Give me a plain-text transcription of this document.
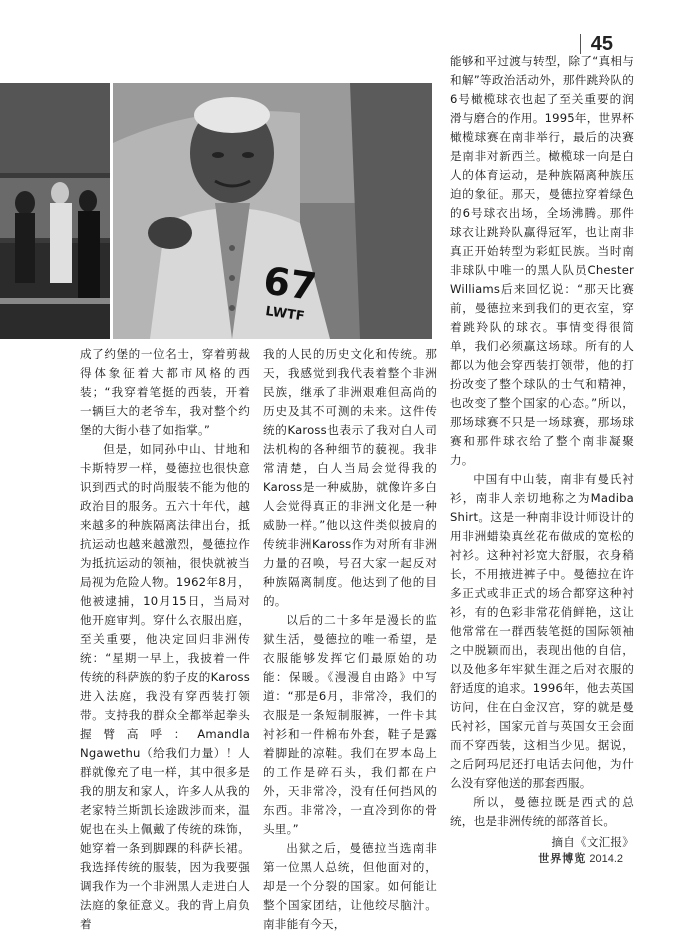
45
67
LWTF

成了约堡的一位名士，穿着剪裁得体象征着大都市风格的西装；“我穿着笔挺的西装，开着一辆巨大的老爷车，我对整个约堡的大街小巷了如指掌。”

但是，如同孙中山、甘地和卡斯特罗一样，曼德拉也很快意识到西式的时尚服装不能为他的政治目的服务。五六十年代，越来越多的种族隔离法律出台，抵抗运动也越来越激烈，曼德拉作为抵抗运动的领袖，很快就被当局视为危险人物。1962年8月，他被逮捕，10月15日，当局对他开庭审判。穿什么衣服出庭，至关重要，他决定回归非洲传统：“星期一早上，我披着一件传统的科萨族的豹子皮的Kaross进入法庭，我没有穿西装打领带。支持我的群众全都举起拳头握臂高呼：Amandla Ngawethu（给我们力量）！人群就像充了电一样，其中很多是我的朋友和家人，许多人从我的老家特兰斯凯长途跋涉而来，温妮也在头上佩戴了传统的珠饰，她穿着一条到脚踝的科萨长裙。我选择传统的服装，因为我要强调我作为一个非洲黑人走进白人法庭的象征意义。我的背上肩负着

我的人民的历史文化和传统。那天，我感觉到我代表着整个非洲民族，继承了非洲艰难但高尚的历史及其不可测的未来。这件传统的Kaross也表示了我对白人司法机构的各种细节的藐视。我非常清楚，白人当局会觉得我的Kaross是一种威胁，就像许多白人会觉得真正的非洲文化是一种威胁一样。”他以这件类似披肩的传统非洲Kaross作为对所有非洲力量的召唤，号召大家一起反对种族隔离制度。他达到了他的目的。

以后的二十多年是漫长的监狱生活，曼德拉的唯一希望，是衣服能够发挥它们最原始的功能：保暖。《漫漫自由路》中写道：“那是6月，非常冷，我们的衣服是一条短制服裤，一件卡其衬衫和一件棉布外套，鞋子是露着脚趾的凉鞋。我们在罗本岛上的工作是碎石头，我们都在户外，天非常冷，没有任何挡风的东西。非常冷，一直冷到你的骨头里。”

出狱之后，曼德拉当选南非第一位黑人总统，但他面对的，却是一个分裂的国家。如何能让整个国家团结，让他绞尽脑汁。南非能有今天，

能够和平过渡与转型，除了“真相与和解”等政治活动外，那件跳羚队的6号橄榄球衣也起了至关重要的润滑与磨合的作用。1995年，世界杯橄榄球赛在南非举行，最后的决赛是南非对新西兰。橄榄球一向是白人的体育运动，是种族隔离种族压迫的象征。那天，曼德拉穿着绿色的6号球衣出场，全场沸腾。那件球衣让跳羚队赢得冠军，也让南非真正开始转型为彩虹民族。当时南非球队中唯一的黑人队员Chester Williams后来回忆说：“那天比赛前，曼德拉来到我们的更衣室，穿着跳羚队的球衣。事情变得很简单，我们必须赢这场球。所有的人都以为他会穿西装打领带，他的打扮改变了整个球队的士气和精神，也改变了整个国家的心态。”所以，那场球赛不只是一场球赛，那场球赛和那件球衣给了整个南非凝聚力。

中国有中山装，南非有曼氏衬衫，南非人亲切地称之为Madiba Shirt。这是一种南非设计师设计的用非洲蜡染真丝花布做成的宽松的衬衫。这种衬衫宽大舒服，衣身稍长，不用掖进裤子中。曼德拉在许多正式或非正式的场合都穿这种衬衫，有的色彩非常花俏鲜艳，这让他常常在一群西装笔挺的国际领袖之中脱颖而出，表现出他的自信，以及他多年牢狱生涯之后对衣服的舒适度的追求。1996年，他去英国访问，住在白金汉宫，穿的就是曼氏衬衫，国家元首与英国女王会面而不穿西装，这相当少见。据说，之后阿玛尼还打电话去问他，为什么没有穿他送的那套西服。

所以，曼德拉既是西式的总统，也是非洲传统的部落首长。

摘自《文汇报》
世界博览 2014.2
